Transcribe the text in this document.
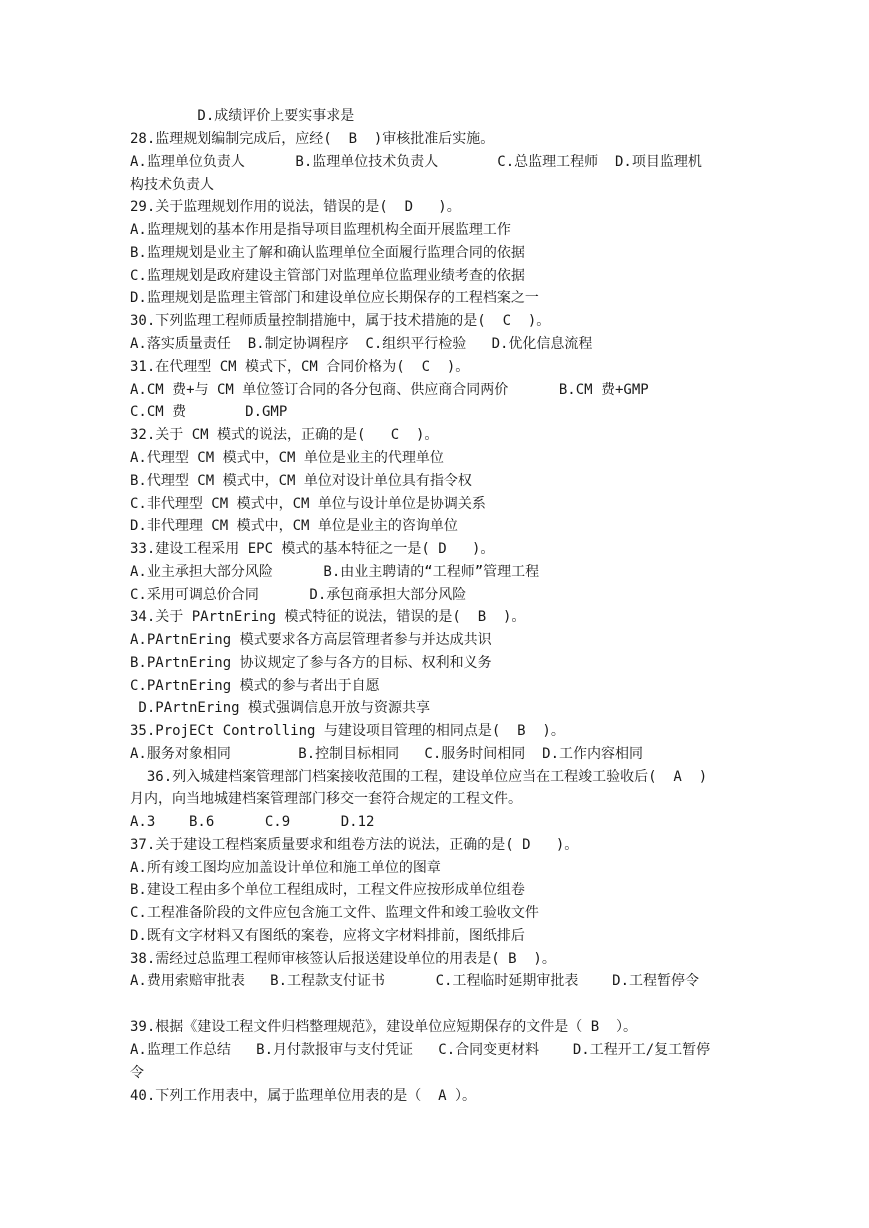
D.成绩评价上要实事求是
28.监理规划编制完成后，应经(  B  )审核批准后实施。
A.监理单位负责人      B.监理单位技术负责人       C.总监理工程师  D.项目监理机
构技术负责人
29.关于监理规划作用的说法，错误的是(  D   )。
A.监理规划的基本作用是指导项目监理机构全面开展监理工作
B.监理规划是业主了解和确认监理单位全面履行监理合同的依据
C.监理规划是政府建设主管部门对监理单位监理业绩考查的依据
D.监理规划是监理主管部门和建设单位应长期保存的工程档案之一
30.下列监理工程师质量控制措施中，属于技术措施的是(  C  )。
A.落实质量责任  B.制定协调程序  C.组织平行检验   D.优化信息流程
31.在代理型 CM 模式下，CM 合同价格为(  C  )。
A.CM 费+与 CM 单位签订合同的各分包商、供应商合同两价      B.CM 费+GMP
C.CM 费       D.GMP
32.关于 CM 模式的说法，正确的是(   C  )。
A.代理型 CM 模式中，CM 单位是业主的代理单位
B.代理型 CM 模式中，CM 单位对设计单位具有指令权
C.非代理型 CM 模式中，CM 单位与设计单位是协调关系
D.非代理理 CM 模式中，CM 单位是业主的咨询单位
33.建设工程采用 EPC 模式的基本特征之一是( D   )。
A.业主承担大部分风险      B.由业主聘请的“工程师”管理工程
C.采用可调总价合同      D.承包商承担大部分风险
34.关于 PArtnEring 模式特征的说法，错误的是(  B  )。
A.PArtnEring 模式要求各方高层管理者参与并达成共识
B.PArtnEring 协议规定了参与各方的目标、权利和义务
C.PArtnEring 模式的参与者出于自愿
D.PArtnEring 模式强调信息开放与资源共享
35.ProjECt Controlling 与建设项目管理的相同点是(  B  )。
A.服务对象相同        B.控制目标相同   C.服务时间相同  D.工作内容相同
36.列入城建档案管理部门档案接收范围的工程，建设单位应当在工程竣工验收后(  A  )
月内，向当地城建档案管理部门移交一套符合规定的工程文件。
A.3    B.6      C.9      D.12
37.关于建设工程档案质量要求和组卷方法的说法，正确的是( D   )。
A.所有竣工图均应加盖设计单位和施工单位的图章
B.建设工程由多个单位工程组成时，工程文件应按形成单位组卷
C.工程准备阶段的文件应包含施工文件、监理文件和竣工验收文件
D.既有文字材料又有图纸的案卷，应将文字材料排前，图纸排后
38.需经过总监理工程师审核签认后报送建设单位的用表是( B  )。
A.费用索赔审批表   B.工程款支付证书      C.工程临时延期审批表    D.工程暂停令
39.根据《建设工程文件归档整理规范》，建设单位应短期保存的文件是（ B  ）。
A.监理工作总结   B.月付款报审与支付凭证   C.合同变更材料    D.工程开工/复工暂停
令
40.下列工作用表中，属于监理单位用表的是（  A ）。
